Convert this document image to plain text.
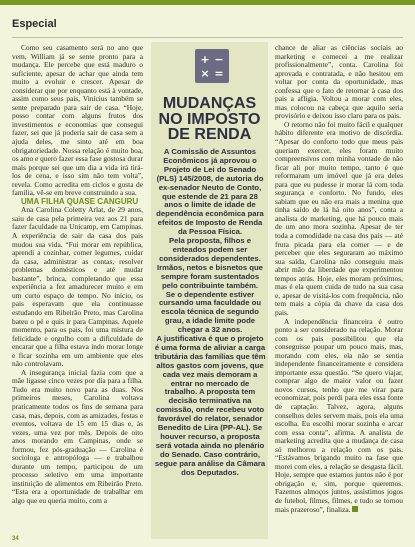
Especial

Como seu casamento será no ano que vem, William já se sente pronto para a mudança. Ele percebe que está maduro o suficiente, apesar de achar que ainda tem muito a evoluir e crescer. Apesar de considerar que por enquanto está à vontade, assim como seus pais, Vinícius também se sente preparado para sair de casa. “Hoje, posso contar com alguns frutos dos investimentos e economias que consegui fazer, sei que já poderia sair de casa sem a ajuda deles, me sinto até em boa obrigatoriedade. Nossa relação é muito boa, os amo e quero fazer essa fase gostosa durar mais porque sei que um dia a vida irá tirá-los de cena, e isso sim não tem volta”, revela. Como acredita em ciclos e gosta de família, vê-se em breve construindo a sua.

UMA FILHA QUASE CANGURU

Ana Carolina Coletty Arlat, de 29 anos, saiu de casa pela primeira vez aos 21 para fazer faculdade na Unicamp, em Campinas. A experiência de sair da casa dos pais mudou sua vida. “Fui morar em república, aprendi a cozinhar, comer legumes, cuidar da casa, administrar as contas, resolver problemas domésticos e até mudar bastante”, brinca, completando que essa experiência a fez amadurecer muito e em um curto espaço de tempo. No início, os pais esperavam que ela continuasse estudando em Ribeirão Preto, mas Carolina bateu o pé e quis ir para Campinas. Aquele momento, para os pais, foi uma mistura de felicidade e orgulho com a dificuldade de encarar que a filha estava indo morar longe e ficar sozinha em um ambiente que eles não controlavam.

A insegurança inicial fazia com que a mãe ligasse cinco vezes por dia para a filha. Tudo era muito novo para as duas. Nos primeiros meses, Carolina voltava praticamente todos os fins de semana para casa, mas, depois, com as amizades, festas e eventos, voltava de 15 em 15 dias e, às vezes, uma vez por mês. Depois de oito anos morando em Campinas, onde se formou, fez pós-graduação — Carolina é sociologa e antropóloga — e trabalhou durante um tempo, participou de um processo seletivo em uma importante instituição de alimentos em Ribeirão Preto. “Esta era a oportunidade de trabalhar em algo que eu queria muito, com a

+ −
× =
MUDANÇAS NO IMPOSTO DE RENDA

A Comissão de Assuntos Econômicos já aprovou o Projeto de Lei do Senado (PLS) 145/2008, de autoria do ex-senador Neuto de Conto, que estende de 21 para 28 anos o limite de idade de dependência econômica para efeitos de Imposto de Renda da Pessoa Física.

Pela proposta, filhos e enteados podem ser considerados dependentes. Irmãos, netos e bisnetos que sempre foram sustentados pelo contribuinte também.

Se o dependente estiver cursando uma faculdade ou escola técnica de segundo grau, a idade limite pode chegar a 32 anos.

A justificativa é que o projeto é uma forma de aliviar a carga tributária das famílias que têm altos gastos com jovens, que cada vez mais demoram a entrar no mercado de trabalho. A proposta tem decisão terminativa na comissão, onde recebeu voto favorável do relator, senador Benedito de Lira (PP-AL). Se houver recurso, a proposta será votada ainda no plenário do Senado. Caso contrário, segue para análise da Câmara dos Deputados.

chance de aliar as ciências sociais ao marketing e comecei a me realizar profissionalmente”, conta. Carolina foi aprovada e contratada, e não hesitou em voltar por conta da oportunidade, mas confessa que o fato de retornar à casa dos pais a afligia. Voltou a morar com eles, mas colocou na cabeça que aquilo seria provisório e deixou isso claro para os pais.

O retorno não foi muito fácil e qualquer hábito diferente era motivo de discórdia. “Apesar do conforto todo que meus pais queriam exercer, eles foram muito compreensivos com minha vontade de não ficar ali por muito tempo, tanto é que reformaram um imóvel que já era deles para que eu pudesse ir morar lá com toda segurança e conforto. No fundo, eles sabiam que eu não era mais a menina que tinha saído de lá há oito anos”, conta a analista de marketing, que há pouco mais de um ano mora sozinha. Apesar de ter toda a comodidade na casa dos pais — até fruta picada para ela comer — e de perceber que eles seguraram ao máximo sua saída, Carolina não conseguiu mais abrir mão da liberdade que experimentou tempos atrás. Hoje, eles moram próximos, mas é ela quem cuida de tudo na sua casa e, apesar de visitá-los com frequência, não tem mais a cópia da chave da casa dos pais.

A independência financeira é outro ponto a ser considerado na relação. Morar com os pais possibilitou que ela conseguisse poupar um pouco mais, mas, morando com eles, ela não se sentia independente financeiramente e considera importante essa questão. “Se quero viajar, comprar algo de maior valor ou fazer novos cursos, tenho que me virar para economizar, pois perdi para eles essa fonte de captação. Talvez, agora, alguns conselhos deles servem mais, pois ela uma escolha. Eu escolhi morar sozinha e arcar com essa conta”, afirma. A analista de marketing acredita que a mudança de casa só melhorou a relação com os pais. “Estávamos brigando muito na fase que morei com eles, a relação se desgasta fácil. Hoje, sempre que estamos juntos não é por obrigação e, sim, porque queremos. Fazemos almoços juntos, assistimos jogos de futebol, filmes, filmes, e tudo se tornou mais prazeroso”, finaliza.

34
